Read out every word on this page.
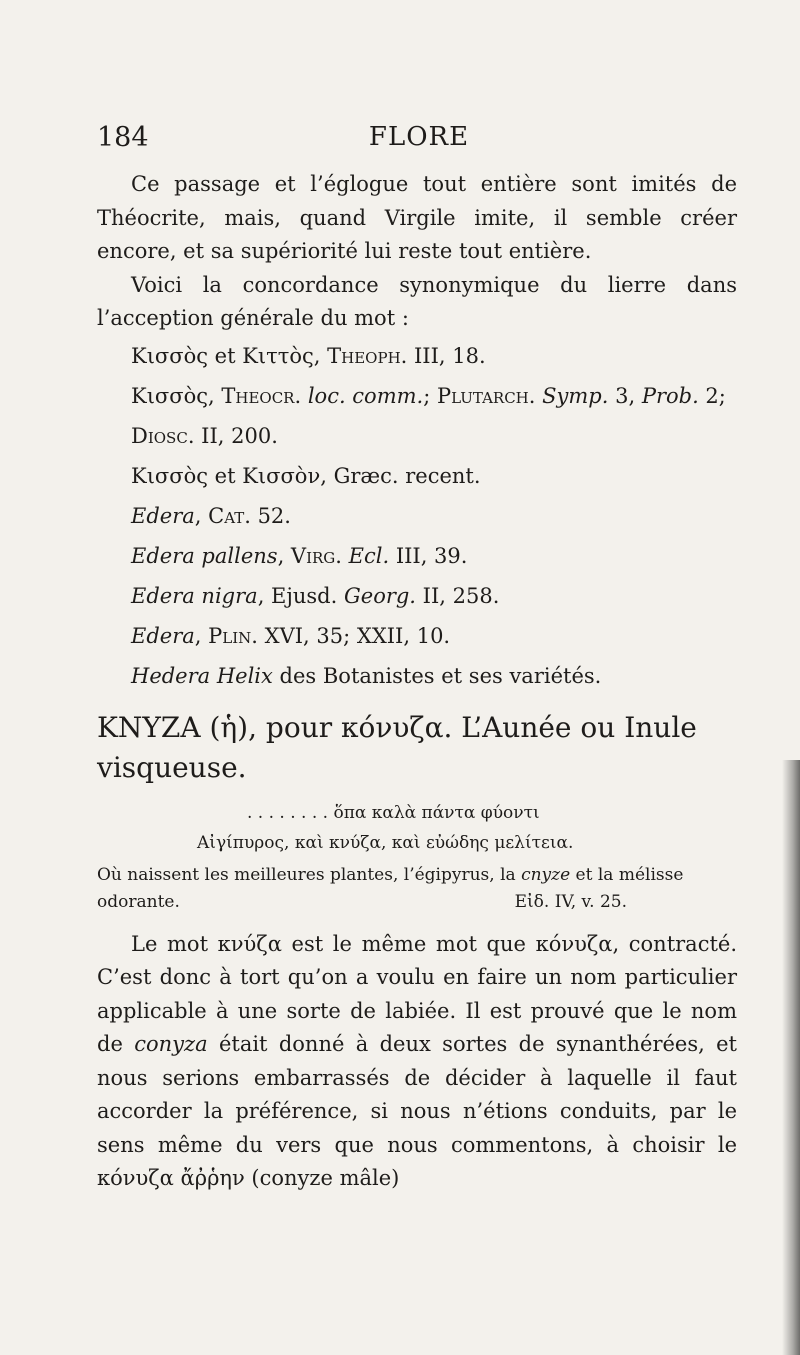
184	FLORE

Ce passage et l’églogue tout entière sont imités de Théocrite, mais, quand Virgile imite, il semble créer encore, et sa supériorité lui reste tout entière.

Voici la concordance synonymique du lierre dans l’acception générale du mot :

Κισσὸς et Κιττὸς, Theoph. III, 18.

Κισσὸς, Theocr. loc. comm.; Plutarch. Symp. 3, Prob. 2; Diosc. II, 200.

Κισσὸς et Κισσὸν, Græc. recent.

Edera, Cat. 52.

Edera pallens, Virg. Ecl. III, 39.

Edera nigra, Ejusd. Georg. II, 258.

Edera, Plin. XVI, 35; XXII, 10.

Hedera Helix des Botanistes et ses variétés.

ΚΝΥΖΑ (ἡ), pour κόνυζα. L’Aunée ou Inule visqueuse.

. . . . . . . . ὅπα καλὰ πάντα φύοντι
Αἰγίπυρος, καὶ κνύζα, καὶ εὐώδης μελίτεια.

Où naissent les meilleures plantes, l’égipyrus, la cnyze et la mélisse odorante.	Εἰδ. IV, v. 25.

Le mot κνύζα est le même mot que κόνυζα, contracté. C’est donc à tort qu’on a voulu en faire un nom particulier applicable à une sorte de labiée. Il est prouvé que le nom de conyza était donné à deux sortes de synanthérées, et nous serions embarrassés de décider à laquelle il faut accorder la préférence, si nous n’étions conduits, par le sens même du vers que nous commentons, à choisir le κόνυζα ἄῤῥην (conyze mâle)
